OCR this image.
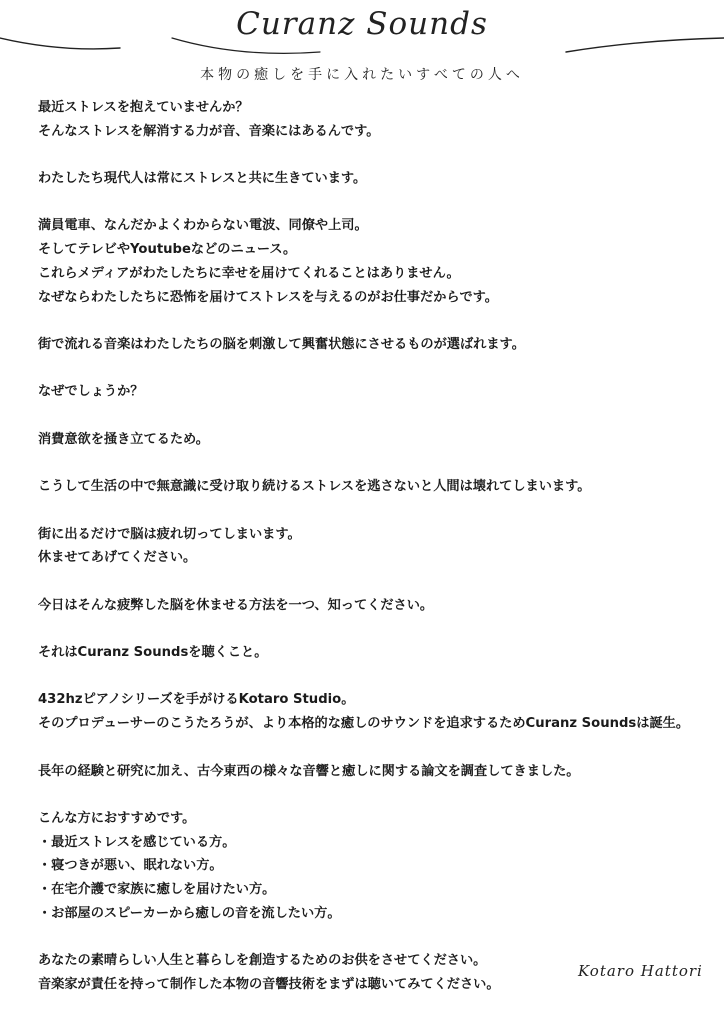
Curanz Sounds
本物の癒しを手に入れたいすべての人へ
最近ストレスを抱えていませんか？
そんなストレスを解消する力が音、音楽にはあるんです。
わたしたち現代人は常にストレスと共に生きています。
満員電車、なんだかよくわからない電波、同僚や上司。
そしてテレビやYoutubeなどのニュース。
これらメディアがわたしたちに幸せを届けてくれることはありません。
なぜならわたしたちに恐怖を届けてストレスを与えるのがお仕事だからです。
街で流れる音楽はわたしたちの脳を刺激して興奮状態にさせるものが選ばれます。
なぜでしょうか？
消費意欲を掻き立てるため。
こうして生活の中で無意識に受け取り続けるストレスを逃さないと人間は壊れてしまいます。
街に出るだけで脳は疲れ切ってしまいます。
休ませてあげてください。
今日はそんな疲弊した脳を休ませる方法を一つ、知ってください。
それはCuranz Soundsを聴くこと。
432hzピアノシリーズを手がけるKotaro Studio。
そのプロデューサーのこうたろうが、より本格的な癒しのサウンドを追求するためCuranz Soundsは誕生。
長年の経験と研究に加え、古今東西の様々な音響と癒しに関する論文を調査してきました。
こんな方におすすめです。
・最近ストレスを感じている方。
・寝つきが悪い、眠れない方。
・在宅介護で家族に癒しを届けたい方。
・お部屋のスピーカーから癒しの音を流したい方。
あなたの素晴らしい人生と暮らしを創造するためのお供をさせてください。
音楽家が責任を持って制作した本物の音響技術をまずは聴いてみてください。
Kotaro Hattori
